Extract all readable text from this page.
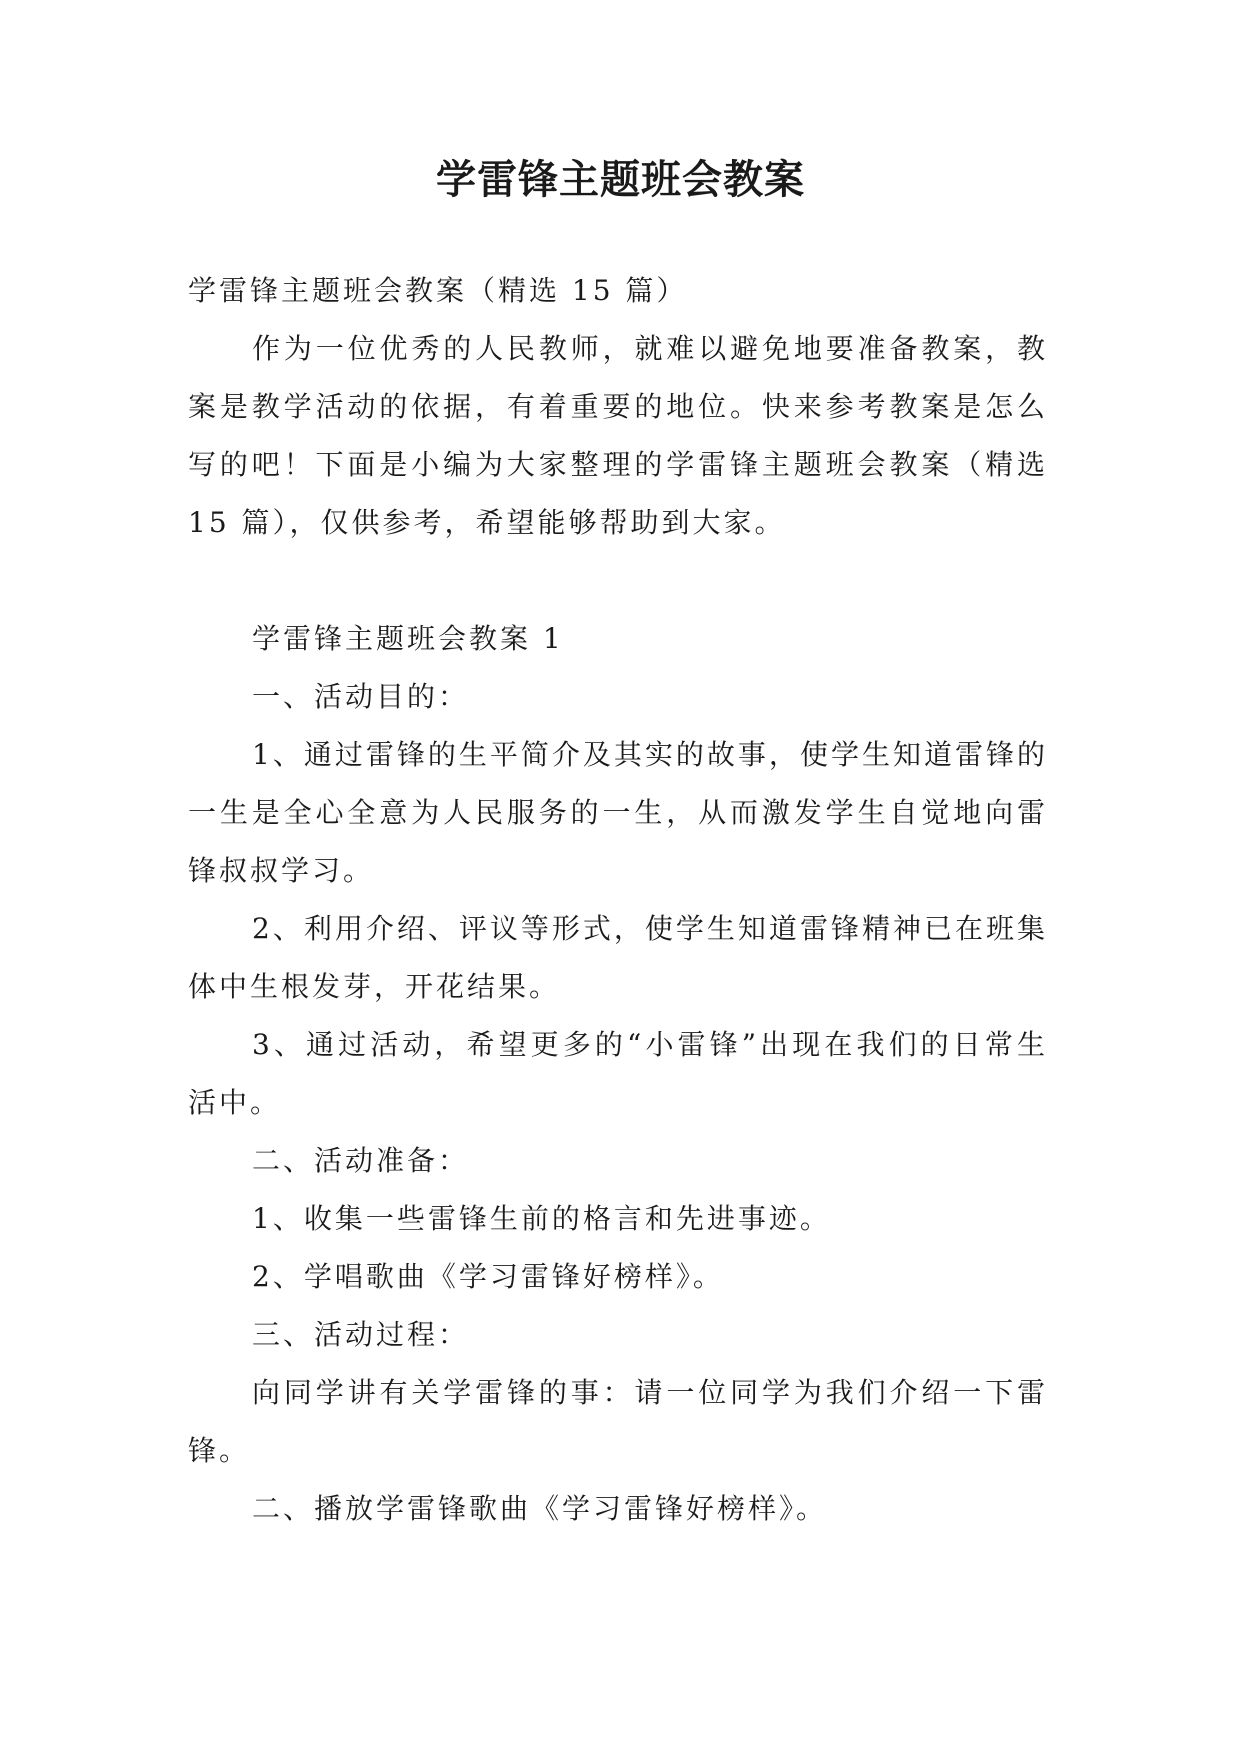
学雷锋主题班会教案

学雷锋主题班会教案（精选 15 篇）

作为一位优秀的人民教师，就难以避免地要准备教案，教案是教学活动的依据，有着重要的地位。快来参考教案是怎么写的吧！下面是小编为大家整理的学雷锋主题班会教案（精选 15 篇），仅供参考，希望能够帮助到大家。

学雷锋主题班会教案 1

一、活动目的：

1、通过雷锋的生平简介及其实的故事，使学生知道雷锋的一生是全心全意为人民服务的一生，从而激发学生自觉地向雷锋叔叔学习。

2、利用介绍、评议等形式，使学生知道雷锋精神已在班集体中生根发芽，开花结果。

3、通过活动，希望更多的“小雷锋”出现在我们的日常生活中。

二、活动准备：

1、收集一些雷锋生前的格言和先进事迹。

2、学唱歌曲《学习雷锋好榜样》。

三、活动过程：

向同学讲有关学雷锋的事：请一位同学为我们介绍一下雷锋。

二、播放学雷锋歌曲《学习雷锋好榜样》。
